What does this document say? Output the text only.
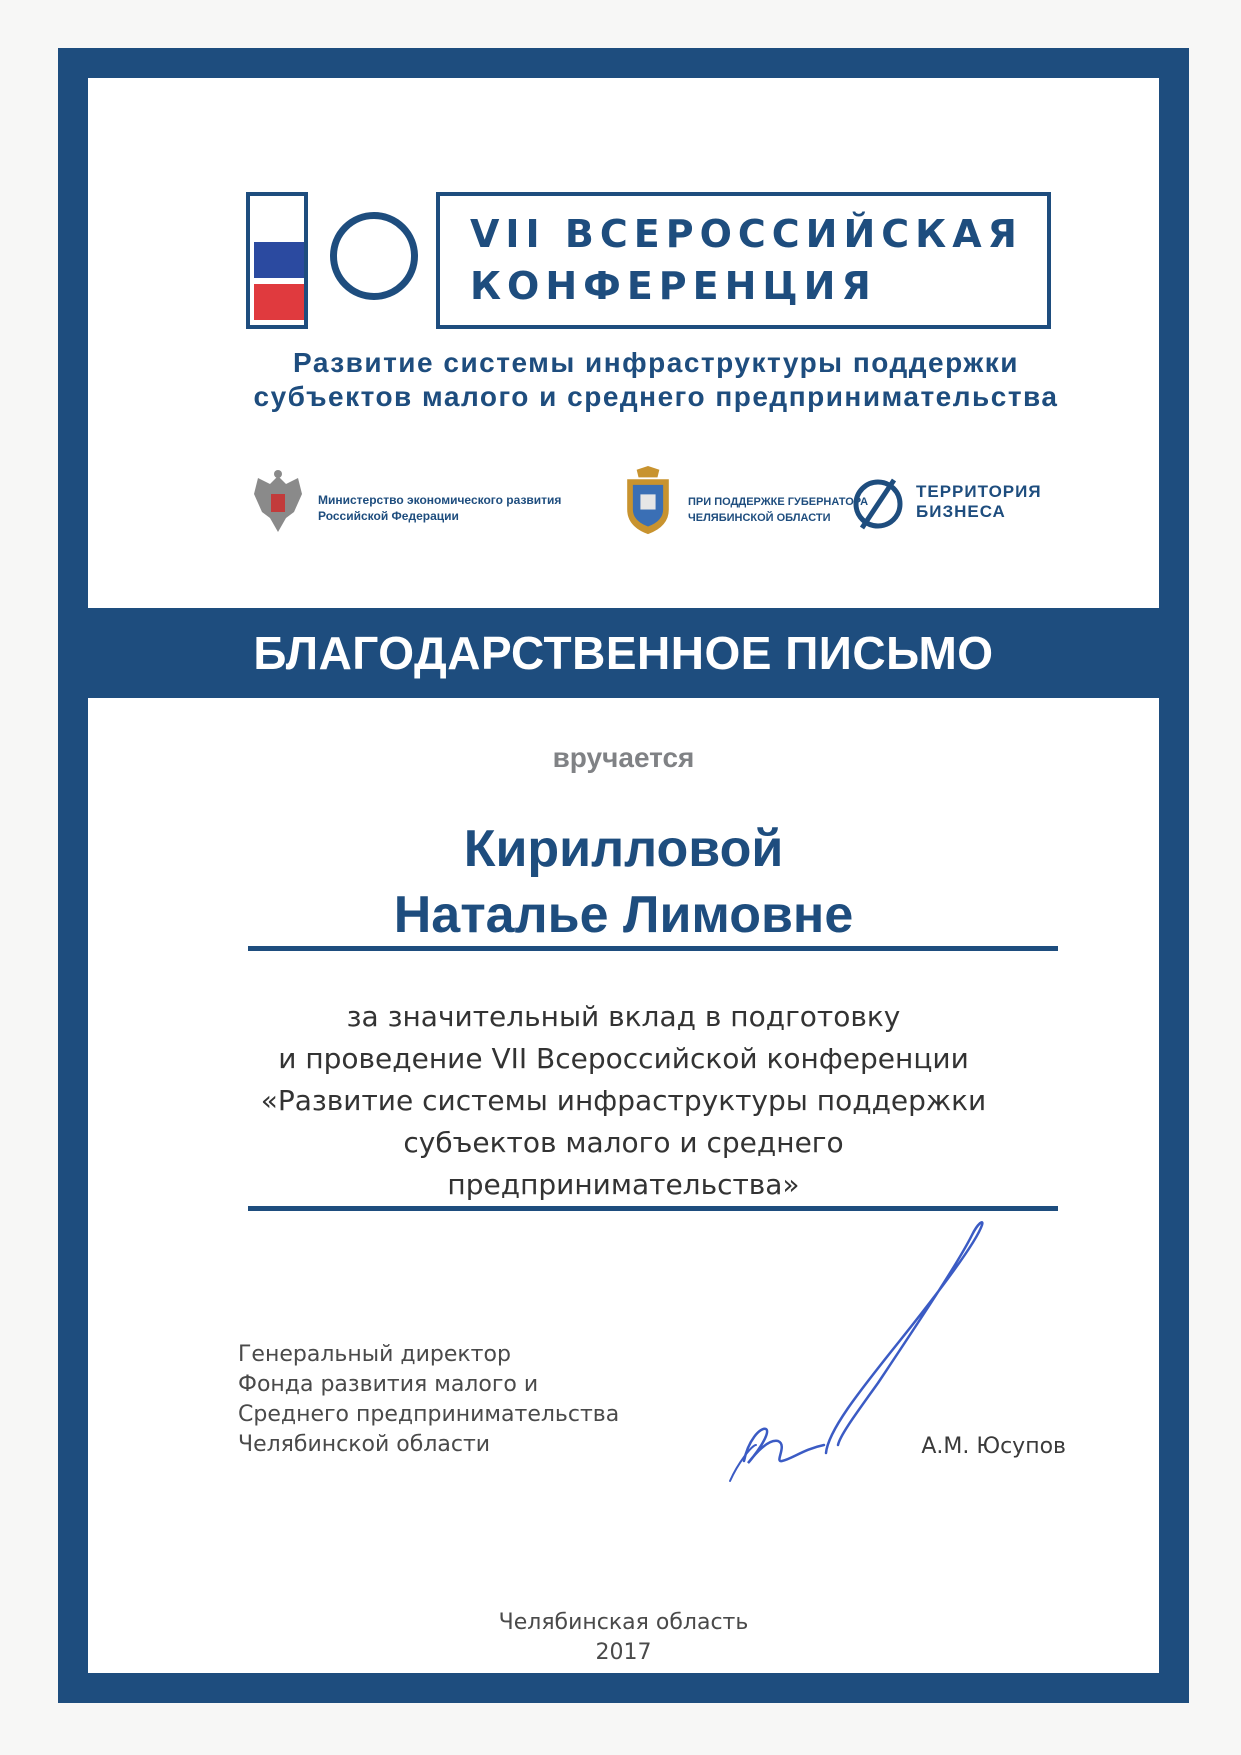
VII ВСЕРОССИЙСКАЯ
КОНФЕРЕНЦИЯ
Развитие системы инфраструктуры поддержки
субъектов малого и среднего предпринимательства
Министерство экономического развития
Российской Федерации
ПРИ ПОДДЕРЖКЕ ГУБЕРНАТОРА
ЧЕЛЯБИНСКОЙ ОБЛАСТИ
ТЕРРИТОРИЯ
БИЗНЕСА
БЛАГОДАРСТВЕННОЕ ПИСЬМО
вручается
Кирилловой
Наталье Лимовне
за значительный вклад в подготовку
и проведение VII Всероссийской конференции
«Развитие системы инфраструктуры поддержки
субъектов малого и среднего
предпринимательства»
Генеральный директор
Фонда развития малого и
Среднего предпринимательства
Челябинской области	А.М. Юсупов
Челябинская область
2017
